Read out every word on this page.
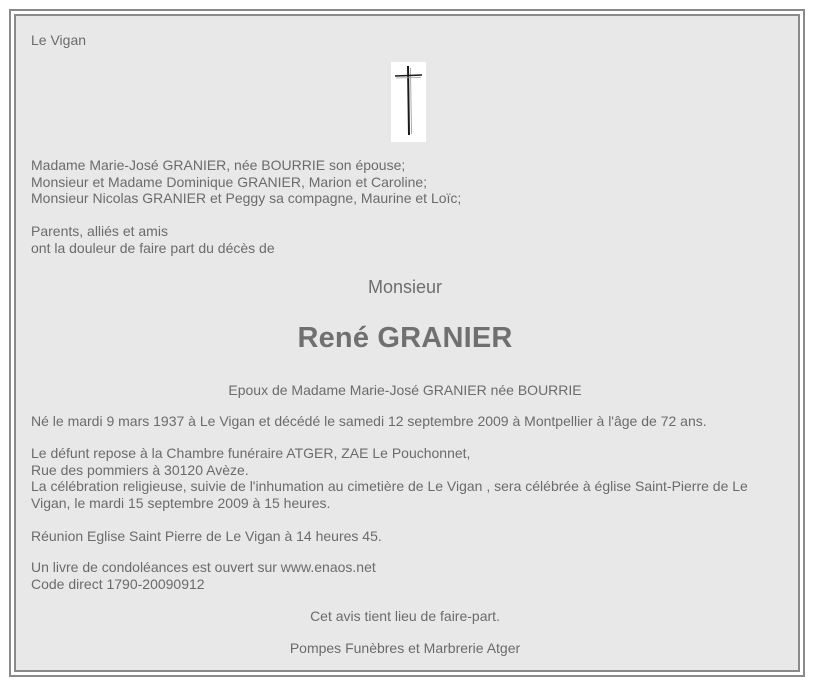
Le Vigan
Madame Marie-José GRANIER, née BOURRIE son épouse;
Monsieur et Madame Dominique GRANIER, Marion et Caroline;
Monsieur Nicolas GRANIER et Peggy sa compagne, Maurine et Loïc;
Parents, alliés et amis
ont la douleur de faire part du décès de
Monsieur
René GRANIER
Epoux de Madame Marie-José GRANIER née BOURRIE
Né le mardi 9 mars 1937 à Le Vigan et décédé le samedi 12 septembre 2009 à Montpellier à l'âge de 72 ans.
Le défunt repose à la Chambre funéraire ATGER, ZAE Le Pouchonnet,
Rue des pommiers à 30120 Avèze.
La célébration religieuse, suivie de l'inhumation au cimetière de Le Vigan , sera célébrée à église Saint-Pierre de Le
Vigan, le mardi 15 septembre 2009 à 15 heures.
Réunion Eglise Saint Pierre de Le Vigan à 14 heures 45.
Un livre de condoléances est ouvert sur www.enaos.net
Code direct 1790-20090912
Cet avis tient lieu de faire-part.
Pompes Funèbres et Marbrerie Atger
